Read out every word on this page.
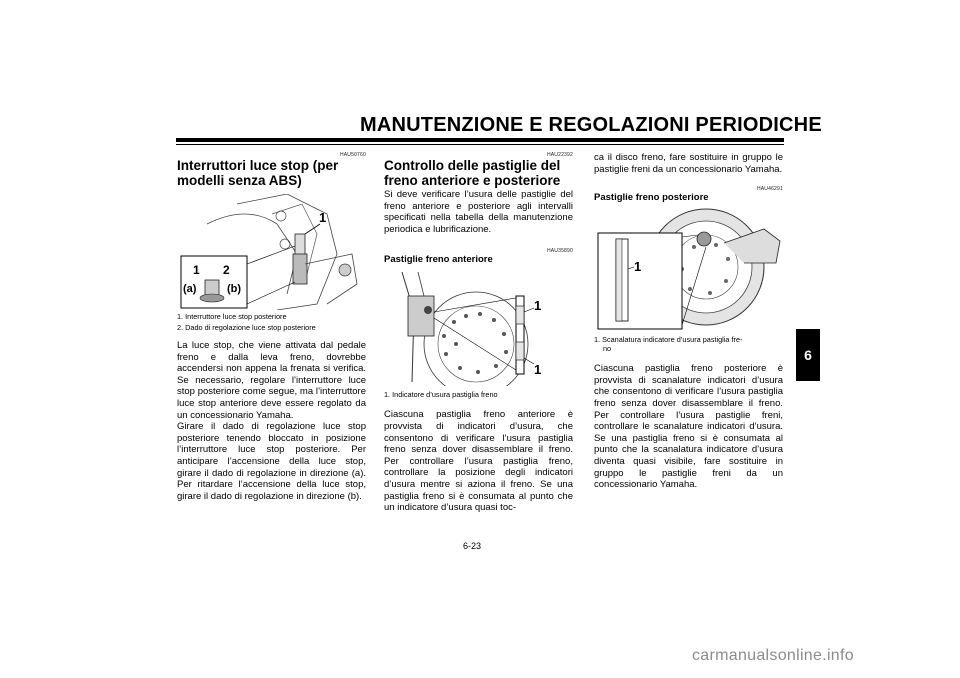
MANUTENZIONE E REGOLAZIONI PERIODICHE
6
HAU50760
Interruttori luce stop (per modelli senza ABS)
1
1 2
(a)	(b)

1. Interruttore luce stop posteriore

2. Dado di regolazione luce stop posteriore

La luce stop, che viene attivata dal pedale freno e dalla leva freno, dovrebbe accendersi non appena la frenata si verifica. Se necessario, regolare l’interruttore luce stop posteriore come segue, ma l’interruttore luce stop anteriore deve essere regolato da un concessionario Yamaha.

Girare il dado di regolazione luce stop posteriore tenendo bloccato in posizione l’interruttore luce stop posteriore. Per anticipare l’accensione della luce stop, girare il dado di regolazione in direzione (a). Per ritardare l’accensione della luce stop, girare il dado di regolazione in direzione (b).

HAU22392
Controllo delle pastiglie del freno anteriore e posteriore

Si deve verificare l’usura delle pastiglie del freno anteriore e posteriore agli intervalli specificati nella tabella della manutenzione periodica e lubrificazione.

HAU35890
Pastiglie freno anteriore
1
1

1. Indicatore d’usura pastiglia freno

Ciascuna pastiglia freno anteriore è provvista di indicatori d’usura, che consentono di verificare l’usura pastiglia freno senza dover disassemblare il freno. Per controllare l’usura pastiglia freno, controllare la posizione degli indicatori d’usura mentre si aziona il freno. Se una pastiglia freno si è consumata al punto che un indicatore d’usura quasi toc-

ca il disco freno, fare sostituire in gruppo le pastiglie freni da un concessionario Yamaha.

HAU46291
Pastiglie freno posteriore
1

1. Scanalatura indicatore d’usura pastiglia fre-

no

Ciascuna pastiglia freno posteriore è provvista di scanalature indicatori d’usura che consentono di verificare l’usura pastiglia freno senza dover disassemblare il freno. Per controllare l’usura pastiglie freni, controllare le scanalature indicatori d’usura. Se una pastiglia freno si è consumata al punto che la scanalatura indicatore d’usura diventa quasi visibile, fare sostituire in gruppo le pastiglie freni da un concessionario Yamaha.

6-23
carmanualsonline.info
